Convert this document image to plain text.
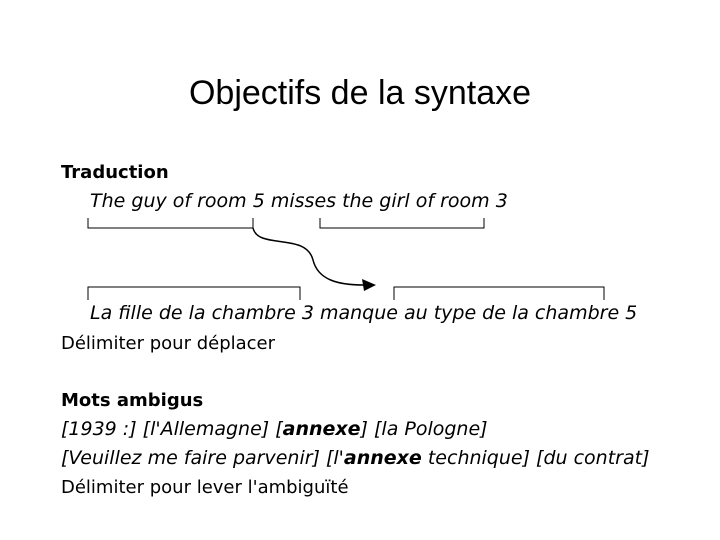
Objectifs de la syntaxe
Traduction
The guy of room 5 misses the girl of room 3
La fille de la chambre 3 manque au type de la chambre 5
Délimiter pour déplacer
Mots ambigus
[1939 :] [l'Allemagne] [annexe] [la Pologne]
[Veuillez me faire parvenir] [l'annexe technique] [du contrat]
Délimiter pour lever l'ambiguïté
